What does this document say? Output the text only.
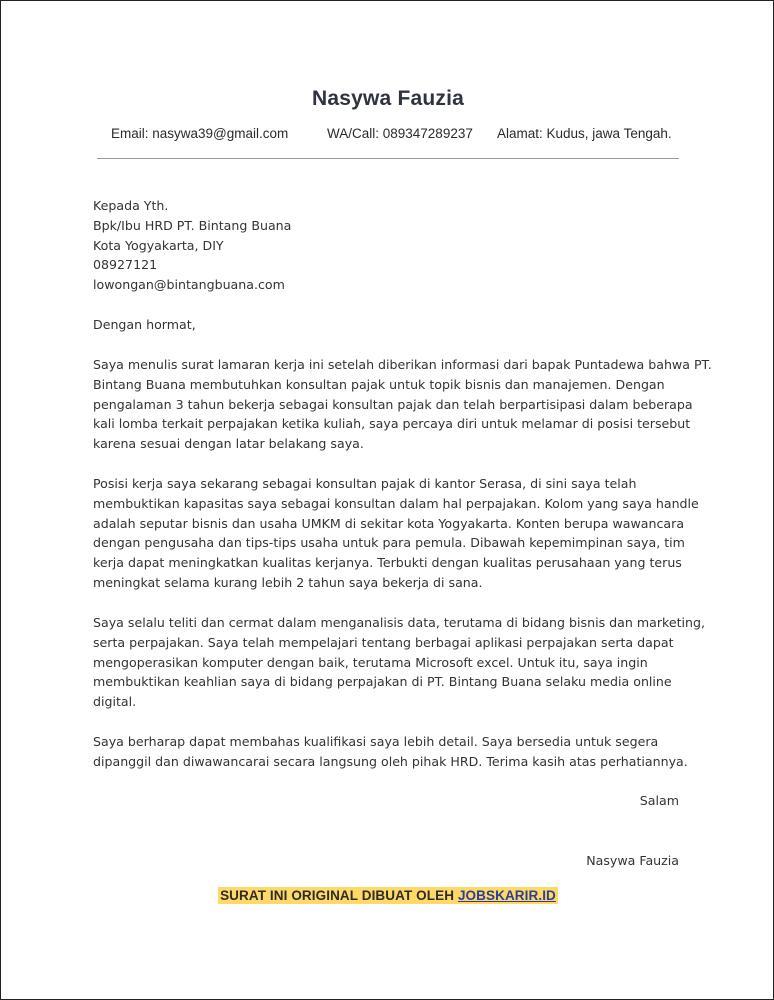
Nasywa Fauzia
Email: nasywa39@gmail.com	WA/Call: 089347289237 Alamat: Kudus, jawa Tengah.
Kepada Yth.
Bpk/Ibu HRD PT. Bintang Buana
Kota Yogyakarta, DIY
08927121
lowongan@bintangbuana.com
Dengan hormat,
Saya menulis surat lamaran kerja ini setelah diberikan informasi dari bapak Puntadewa bahwa PT.
Bintang Buana membutuhkan konsultan pajak untuk topik bisnis dan manajemen. Dengan
pengalaman 3 tahun bekerja sebagai konsultan pajak dan telah berpartisipasi dalam beberapa
kali lomba terkait perpajakan ketika kuliah, saya percaya diri untuk melamar di posisi tersebut
karena sesuai dengan latar belakang saya.
Posisi kerja saya sekarang sebagai konsultan pajak di kantor Serasa, di sini saya telah
membuktikan kapasitas saya sebagai konsultan dalam hal perpajakan. Kolom yang saya handle
adalah seputar bisnis dan usaha UMKM di sekitar kota Yogyakarta. Konten berupa wawancara
dengan pengusaha dan tips-tips usaha untuk para pemula. Dibawah kepemimpinan saya, tim
kerja dapat meningkatkan kualitas kerjanya. Terbukti dengan kualitas perusahaan yang terus
meningkat selama kurang lebih 2 tahun saya bekerja di sana.
Saya selalu teliti dan cermat dalam menganalisis data, terutama di bidang bisnis dan marketing,
serta perpajakan. Saya telah mempelajari tentang berbagai aplikasi perpajakan serta dapat
mengoperasikan komputer dengan baik, terutama Microsoft excel. Untuk itu, saya ingin
membuktikan keahlian saya di bidang perpajakan di PT. Bintang Buana selaku media online
digital.
Saya berharap dapat membahas kualifikasi saya lebih detail. Saya bersedia untuk segera
dipanggil dan diwawancarai secara langsung oleh pihak HRD. Terima kasih atas perhatiannya.
Salam
Nasywa Fauzia
SURAT INI ORIGINAL DIBUAT OLEH JOBSKARIR.ID
